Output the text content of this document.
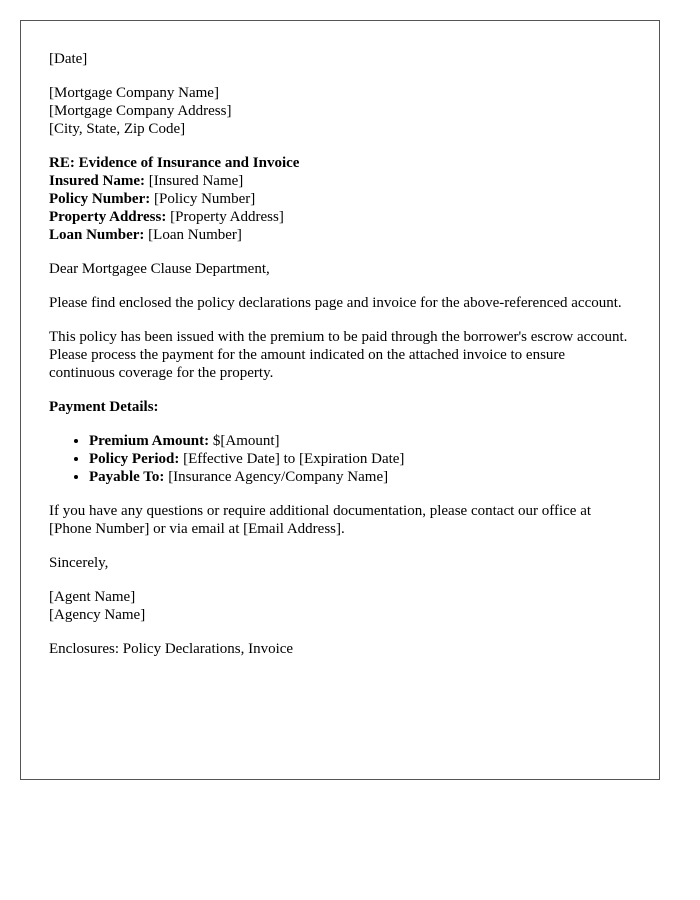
[Date]
[Mortgage Company Name]
[Mortgage Company Address]
[City, State, Zip Code]
RE: Evidence of Insurance and Invoice
Insured Name: [Insured Name]
Policy Number: [Policy Number]
Property Address: [Property Address]
Loan Number: [Loan Number]

Dear Mortgagee Clause Department,

Please find enclosed the policy declarations page and invoice for the above-referenced account.

This policy has been issued with the premium to be paid through the borrower's escrow account. Please process the payment for the amount indicated on the attached invoice to ensure continuous coverage for the property.

Payment Details:

• Premium Amount: $[Amount]
• Policy Period: [Effective Date] to [Expiration Date]
• Payable To: [Insurance Agency/Company Name]

If you have any questions or require additional documentation, please contact our office at [Phone Number] or via email at [Email Address].

Sincerely,

[Agent Name]
[Agency Name]

Enclosures: Policy Declarations, Invoice
